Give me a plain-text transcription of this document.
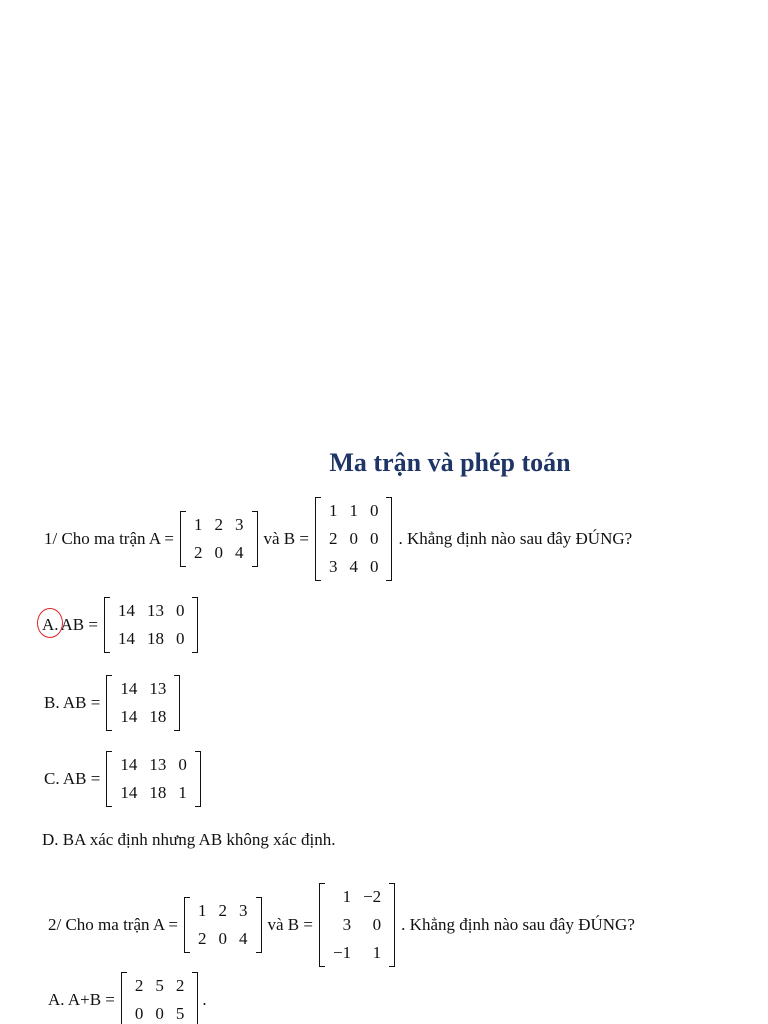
Ma trận và phép toán
1/ Cho ma trận A =
1	2	3
2	0	4
và B =
1	1	0
2	0	0
3	4	0
. Khẳng định nào sau đây ĐÚNG?
A. AB =
14	13	0
14	18	0
B. AB =
14	13
14	18
C. AB =
14	13	0
14	18	1
D. BA xác định nhưng AB không xác định.
2/ Cho ma trận A =
1	2	3
2	0	4
và B =
1	−2
3	0
−1	1
. Khẳng định nào sau đây ĐÚNG?
A. A+B =
2	5	2
0	0	5
.
